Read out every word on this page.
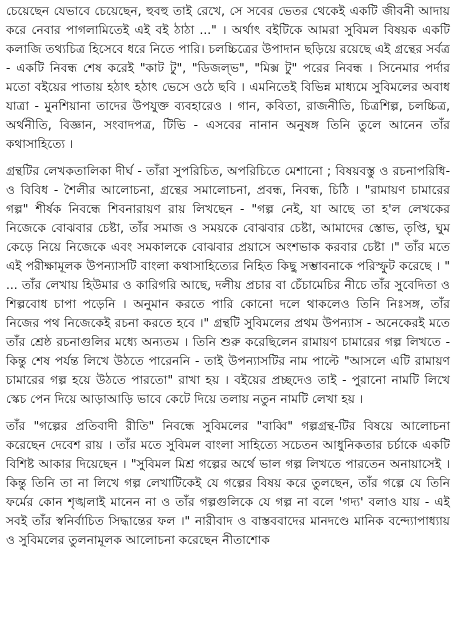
চেয়েছেন যেভাবে চেয়েছেন, হুবহু তাই রেখে, সে সবের ভেতর থেকেই একটি জীবনী আদায় করে নেবার পাগলামিতেই এই বই ঠাঠা ..." । অর্থাৎ বইটিকে আমরা সুবিমল বিষয়ক একটি কলাজি তথ্যচিত্র হিসেবে ধরে নিতে পারি। চলচ্চিত্রের উপাদান ছড়িয়ে রয়েছে এই গ্রন্থের সর্বত্র - একটি নিবন্ধ শেষ করেই "কাট টু", "ডিজল্ভ", "মিক্স টু" পরের নিবন্ধ । সিনেমার পর্দার মতো বইয়ের পাতায় হঠাৎ হঠাৎ ভেসে ওঠে ছবি । এমনিতেই বিভিন্ন মাধ্যমে সুবিমলের অবাধ যাত্রা - মুনশিয়ানা তাদের উপযুক্ত ব্যবহারেও । গান, কবিতা, রাজনীতি, চিত্রশিল্প, চলচ্চিত্র, অর্থনীতি, বিজ্ঞান, সংবাদপত্র, টিভি - এসবের নানান অনুষঙ্গ তিনি তুলে আনেন তাঁর কথাসাহিত্যে ।

গ্রন্থটির লেখকতালিকা দীর্ঘ - তাঁরা সুপরিচিত, অপরিচিতে মেশানো ; বিষয়বস্তু ও রচনাপরিধি-ও বিবিধ - শৈলীর আলোচনা, গ্রন্থের সমালোচনা, প্রবন্ধ, নিবন্ধ, চিঠি । "রামায়ণ চামারের গল্প" শীর্ষক নিবন্ধে শিবনারায়ণ রায় লিখছেন - "গল্প নেই, যা আছে তা হ'ল লেখকের নিজেকে বোঝবার চেষ্টা, তাঁর সমাজ ও সময়কে বোঝবার চেষ্টা, আমাদের স্তোভ, তৃপ্তি, ঘুম কেড়ে নিয়ে নিজেকে এবং সমকালকে বোঝবার প্রয়াসে অংশভাক করবার চেষ্টা ।" তাঁর মতে এই পরীক্ষামূলক উপন্যাসটি বাংলা কথাসাহিত্যের নিহিত কিছু সম্ভাবনাকে পরিস্ফুট করেছে । " ... তাঁর লেখায় হিউমার ও কারিগরি আছে, দলীয় প্রচার বা চেঁচামেচির নীচে তাঁর সুবেদিতা ও শিল্পবোধ চাপা পড়েনি । অনুমান করতে পারি কোনো দলে থাকলেও তিনি নিঃসঙ্গ, তাঁর নিজের পথ নিজেকেই রচনা করতে হবে ।" গ্রন্থটি সুবিমলের প্রথম উপন্যাস - অনেকেরই মতে তাঁর শ্রেষ্ঠ রচনাগুলির মধ্যে অন্যতম । তিনি শুরু করেছিলেন রামায়ণ চামারের গল্প লিখতে - কিন্তু শেষ পর্যন্ত লিখে উঠতে পারেননি - তাই উপন্যাসটির নাম পাল্টে "আসলে এটি রামায়ণ চামারের গল্প হয়ে উঠতে পারতো" রাখা হয় । বইয়ের প্রচ্ছদেও তাই - পুরানো নামটি লিখে স্কেচ পেন দিয়ে আড়াআড়ি ভাবে কেটে দিয়ে তলায় নতুন নামটি লেখা হয় ।

তাঁর "গল্পের প্রতিবাদী রীতি" নিবন্ধে সুবিমলের "বাব্বি" গল্পগ্রন্থ-টির বিষয়ে আলোচনা করেছেন দেবেশ রায় । তাঁর মতে সুবিমল বাংলা সাহিত্যে সচেতন আধুনিকতার চর্চাকে একটি বিশিষ্ট আকার দিয়েছেন । "সুবিমল মিশ্র গল্পের অর্থে ভাল গল্প লিখতে পারতেন অনায়াসেই । কিন্তু তিনি তা না লিখে গল্প লেখাটিকেই যে গল্পের বিষয় করে তুলছেন, তাঁর গল্পে যে তিনি ফর্মের কোন শৃঙ্খলাই মানেন না ও তাঁর গল্পগুলিকে যে গল্প না বলে 'গদ্য' বলাও যায় - এই সবই তাঁর স্বনির্বাচিত সিদ্ধান্তের ফল ।" নারীবাদ ও বাস্তববাদের মানদণ্ডে মানিক বন্দ্যোপাধ্যায় ও সুবিমলের তুলনামূলক আলোচনা করেছেন নীতাশোক
